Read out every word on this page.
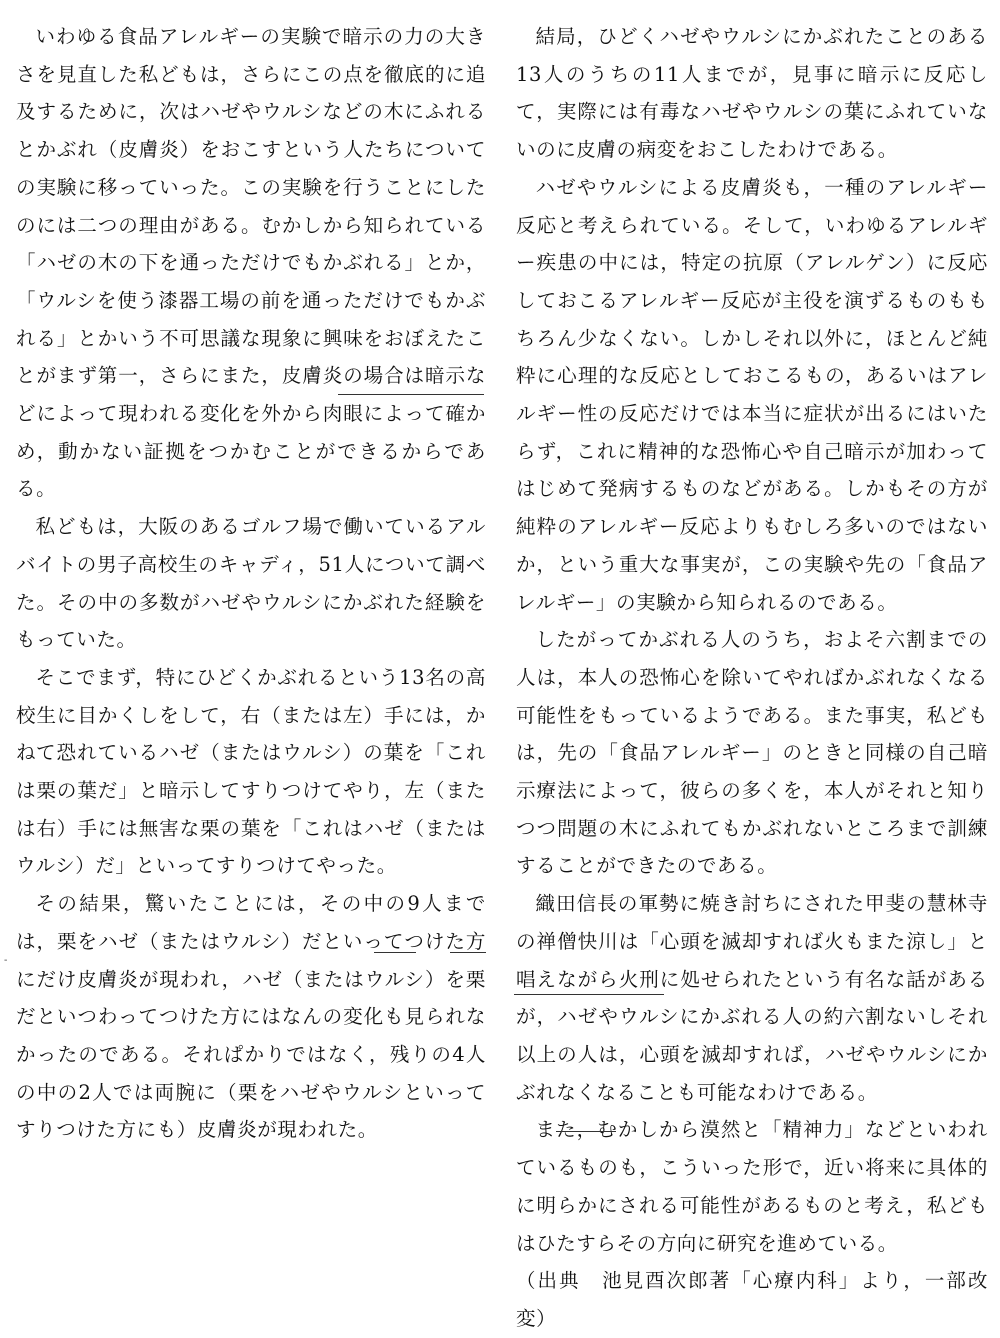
いわゆる食品アレルギーの実験で暗示の力の大きさを見直した私どもは，さらにこの点を徹底的に追及するために，次はハゼやウルシなどの木にふれるとかぶれ（皮膚炎）をおこすという人たちについての実験に移っていった。この実験を行うことにしたのには二つの理由がある。むかしから知られている「ハゼの木の下を通っただけでもかぶれる」とか，「ウルシを使う漆器工場の前を通っただけでもかぶれる」とかいう不可思議な現象に興味をおぼえたことがまず第一，さらにまた，皮膚炎の場合は暗示などによって現われる変化を外から肉眼によって確かめ，動かない証拠をつかむことができるからである。

私どもは，大阪のあるゴルフ場で働いているアルバイトの男子高校生のキャディ，51人について調べた。その中の多数がハゼやウルシにかぶれた経験をもっていた。

そこでまず，特にひどくかぶれるという13名の高校生に目かくしをして，右（または左）手には，かねて恐れているハゼ（またはウルシ）の葉を「これは栗の葉だ」と暗示してすりつけてやり，左（または右）手には無害な栗の葉を「これはハゼ（またはウルシ）だ」といってすりつけてやった。

その結果，驚いたことには，その中の9人までは，栗をハゼ（またはウルシ）だといってつけた方にだけ皮膚炎が現われ，ハゼ（またはウルシ）を栗だといつわってつけた方にはなんの変化も見られなかったのである。それぱかりではなく，残りの4人の中の2人では両腕に（栗をハゼやウルシといってすりつけた方にも）皮膚炎が現われた。

結局，ひどくハゼやウルシにかぶれたことのある13人のうちの11人までが，見事に暗示に反応して，実際には有毒なハゼやウルシの葉にふれていないのに皮膚の病変をおこしたわけである。

ハゼやウルシによる皮膚炎も，一種のアレルギー反応と考えられている。そして，いわゆるアレルギー疾患の中には，特定の抗原（アレルゲン）に反応しておこるアレルギー反応が主役を演ずるものももちろん少なくない。しかしそれ以外に，ほとんど純粋に心理的な反応としておこるもの，あるいはアレルギー性の反応だけでは本当に症状が出るにはいたらず，これに精神的な恐怖心や自己暗示が加わってはじめて発病するものなどがある。しかもその方が純粋のアレルギー反応よりもむしろ多いのではないか，という重大な事実が，この実験や先の「食品アレルギー」の実験から知られるのである。

したがってかぶれる人のうち，およそ六割までの人は，本人の恐怖心を除いてやればかぶれなくなる可能性をもっているようである。また事実，私どもは，先の「食品アレルギー」のときと同様の自己暗示療法によって，彼らの多くを，本人がそれと知りつつ問題の木にふれてもかぶれないところまで訓練することができたのである。

織田信長の軍勢に焼き討ちにされた甲斐の慧林寺の禅僧快川は「心頭を滅却すれば火もまた涼し」と唱えながら火刑に処せられたという有名な話があるが，ハゼやウルシにかぶれる人の約六割ないしそれ以上の人は，心頭を滅却すれば，ハゼやウルシにかぶれなくなることも可能なわけである。

また，むかしから漠然と「精神力」などといわれているものも，こういった形で，近い将来に具体的に明らかにされる可能性があるものと考え，私どもはひたすらその方向に研究を進めている。

（出典　池見酉次郎著「心療内科」より，一部改変）

-
